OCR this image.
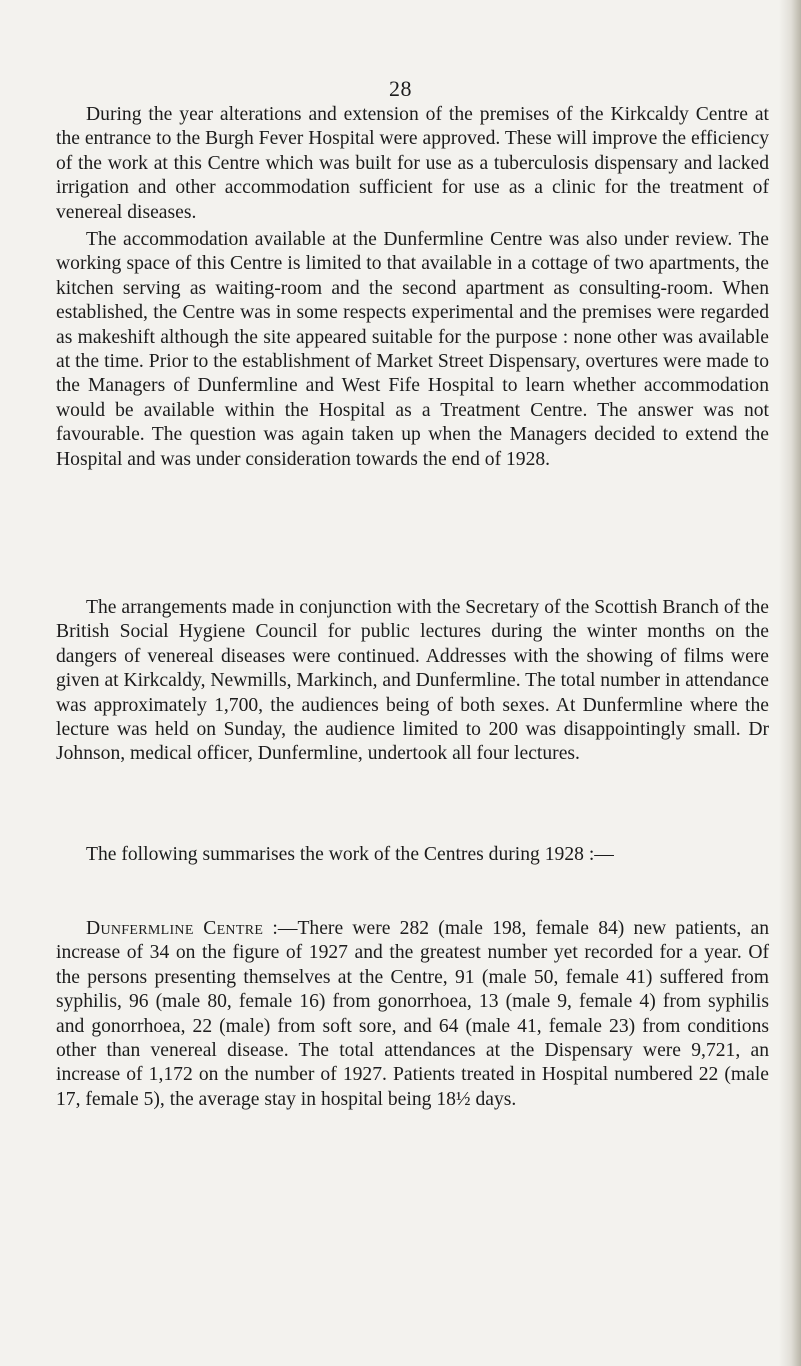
28

During the year alterations and extension of the premises of the Kirkcaldy Centre at the entrance to the Burgh Fever Hospital were approved. These will improve the efficiency of the work at this Centre which was built for use as a tuberculosis dispensary and lacked irrigation and other accommodation sufficient for use as a clinic for the treatment of venereal diseases.

The accommodation available at the Dunfermline Centre was also under review. The working space of this Centre is limited to that available in a cottage of two apartments, the kitchen serving as waiting-room and the second apartment as consulting-room. When established, the Centre was in some respects experimental and the premises were regarded as makeshift although the site appeared suitable for the purpose : none other was available at the time. Prior to the establishment of Market Street Dispensary, overtures were made to the Managers of Dunfermline and West Fife Hospital to learn whether accommodation would be available within the Hospital as a Treatment Centre. The answer was not favourable. The question was again taken up when the Managers decided to extend the Hospital and was under consideration towards the end of 1928.

The arrangements made in conjunction with the Secretary of the Scottish Branch of the British Social Hygiene Council for public lectures during the winter months on the dangers of venereal diseases were continued. Addresses with the showing of films were given at Kirkcaldy, Newmills, Markinch, and Dunfermline. The total number in attendance was approximately 1,700, the audiences being of both sexes. At Dunfermline where the lecture was held on Sunday, the audience limited to 200 was disappointingly small. Dr Johnson, medical officer, Dunfermline, undertook all four lectures.

The following summarises the work of the Centres during 1928 :—

Dunfermline Centre :—There were 282 (male 198, female 84) new patients, an increase of 34 on the figure of 1927 and the greatest number yet recorded for a year. Of the persons presenting themselves at the Centre, 91 (male 50, female 41) suffered from syphilis, 96 (male 80, female 16) from gonorrhoea, 13 (male 9, female 4) from syphilis and gonorrhoea, 22 (male) from soft sore, and 64 (male 41, female 23) from conditions other than venereal disease. The total attendances at the Dispensary were 9,721, an increase of 1,172 on the number of 1927. Patients treated in Hospital numbered 22 (male 17, female 5), the average stay in hospital being 18½ days.
